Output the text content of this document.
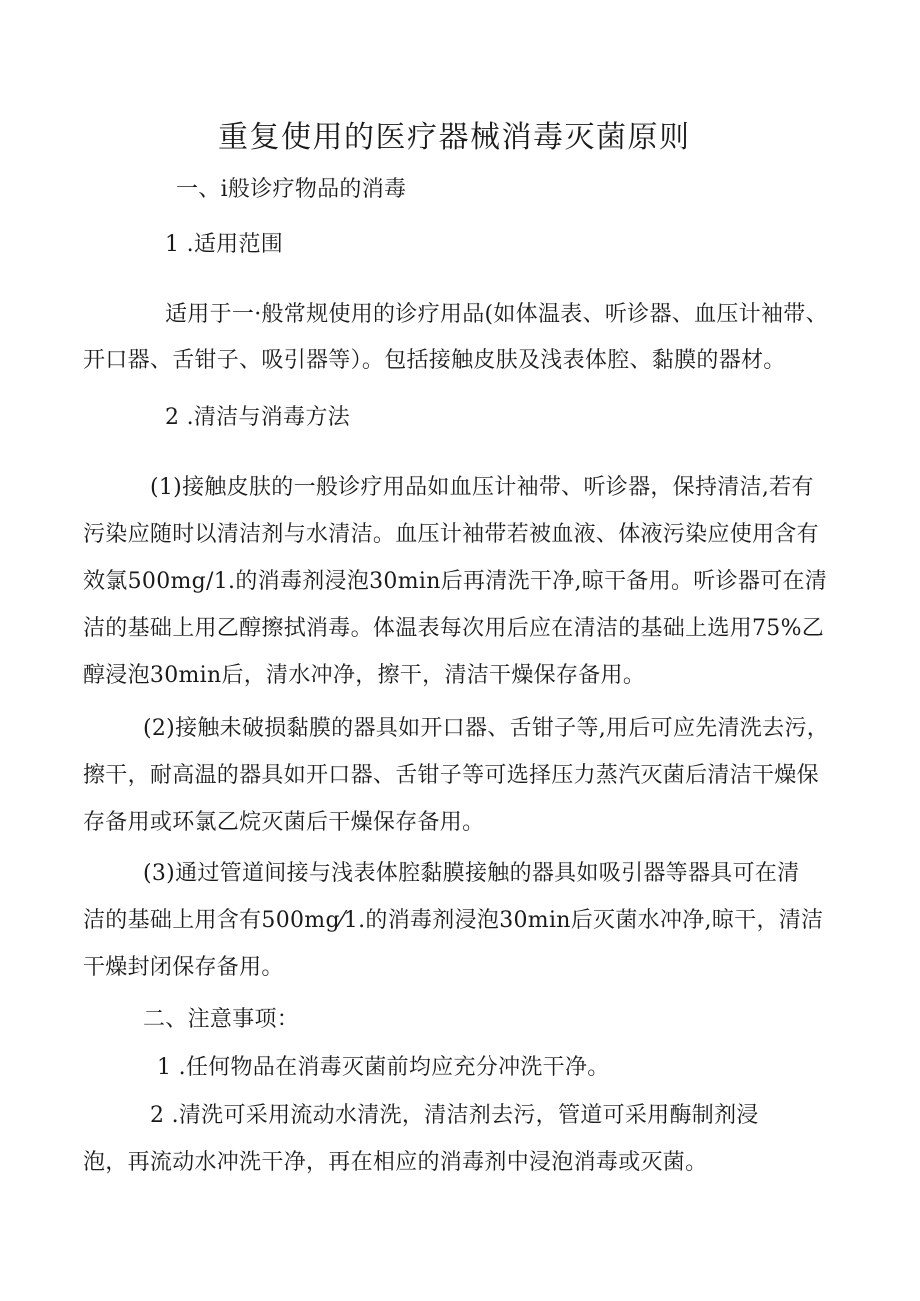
重复使用的医疗器械消毒灭菌原则
一、i般诊疗物品的消毒
1 .适用范围
适用于一·般常规使用的诊疗用品(如体温表、听诊器、血压计袖带、
开口器、舌钳子、吸引器等）。包括接触皮肤及浅表体腔、黏膜的器材。
2 .清洁与消毒方法
(1)接触皮肤的一般诊疗用品如血压计袖带、听诊器，保持清洁,若有
污染应随时以清洁剂与水清洁。血压计袖带若被血液、体液污染应使用含有
效氯500mg/1.的消毒剂浸泡30min后再清洗干净,晾干备用。听诊器可在清
洁的基础上用乙醇擦拭消毒。体温表每次用后应在清洁的基础上选用75%乙
醇浸泡30min后，清水冲净，擦干，清洁干燥保存备用。
(2)接触未破损黏膜的器具如开口器、舌钳子等,用后可应先清洗去污，
擦干，耐高温的器具如开口器、舌钳子等可选择压力蒸汽灭菌后清洁干燥保
存备用或环氯乙烷灭菌后干燥保存备用。
(3)通过管道间接与浅表体腔黏膜接触的器具如吸引器等器具可在清
洁的基础上用含有500mg⁄1.的消毒剂浸泡30min后灭菌水冲净,晾干，清洁
干燥封闭保存备用。
二、注意事项：
1 .任何物品在消毒灭菌前均应充分冲洗干净。
2 .清洗可采用流动水清洗，清洁剂去污，管道可采用酶制剂浸
泡，再流动水冲洗干净，再在相应的消毒剂中浸泡消毒或灭菌。
